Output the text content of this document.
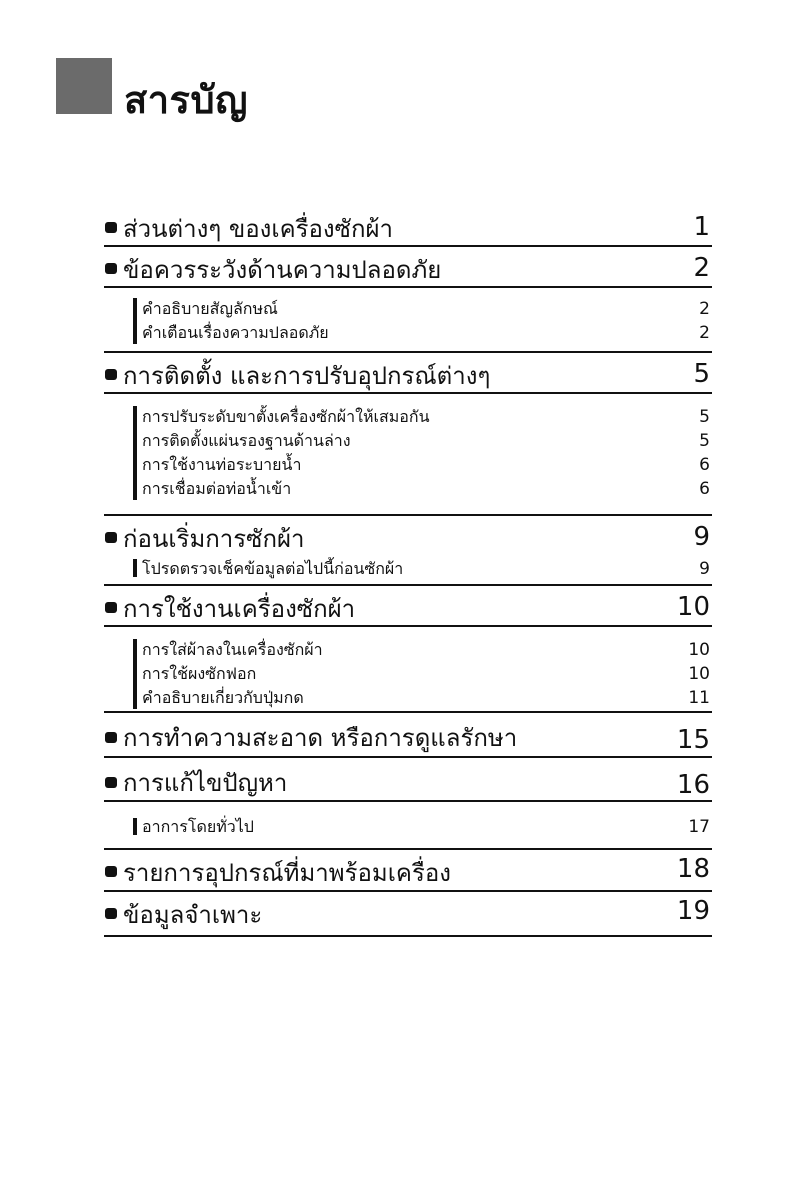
สารบัญ
ส่วนต่างๆ ของเครื่องซักผ้า	1
ข้อควรระวังด้านความปลอดภัย	2
คำอธิบายสัญลักษณ์	2
คำเตือนเรื่องความปลอดภัย	2
การติดตั้ง และการปรับอุปกรณ์ต่างๆ	5
การปรับระดับขาตั้งเครื่องซักผ้าให้เสมอกัน	5
การติดตั้งแผ่นรองฐานด้านล่าง	5
การใช้งานท่อระบายน้ำ	6
การเชื่อมต่อท่อน้ำเข้า	6
ก่อนเริ่มการซักผ้า	9
โปรดตรวจเช็คข้อมูลต่อไปนี้ก่อนซักผ้า	9
การใช้งานเครื่องซักผ้า	10
การใส่ผ้าลงในเครื่องซักผ้า	10
การใช้ผงซักฟอก	10
คำอธิบายเกี่ยวกับปุ่มกด	11
การทำความสะอาด หรือการดูแลรักษา	15
การแก้ไขปัญหา	16
อาการโดยทั่วไป	17
รายการอุปกรณ์ที่มาพร้อมเครื่อง	18
ข้อมูลจำเพาะ	19
